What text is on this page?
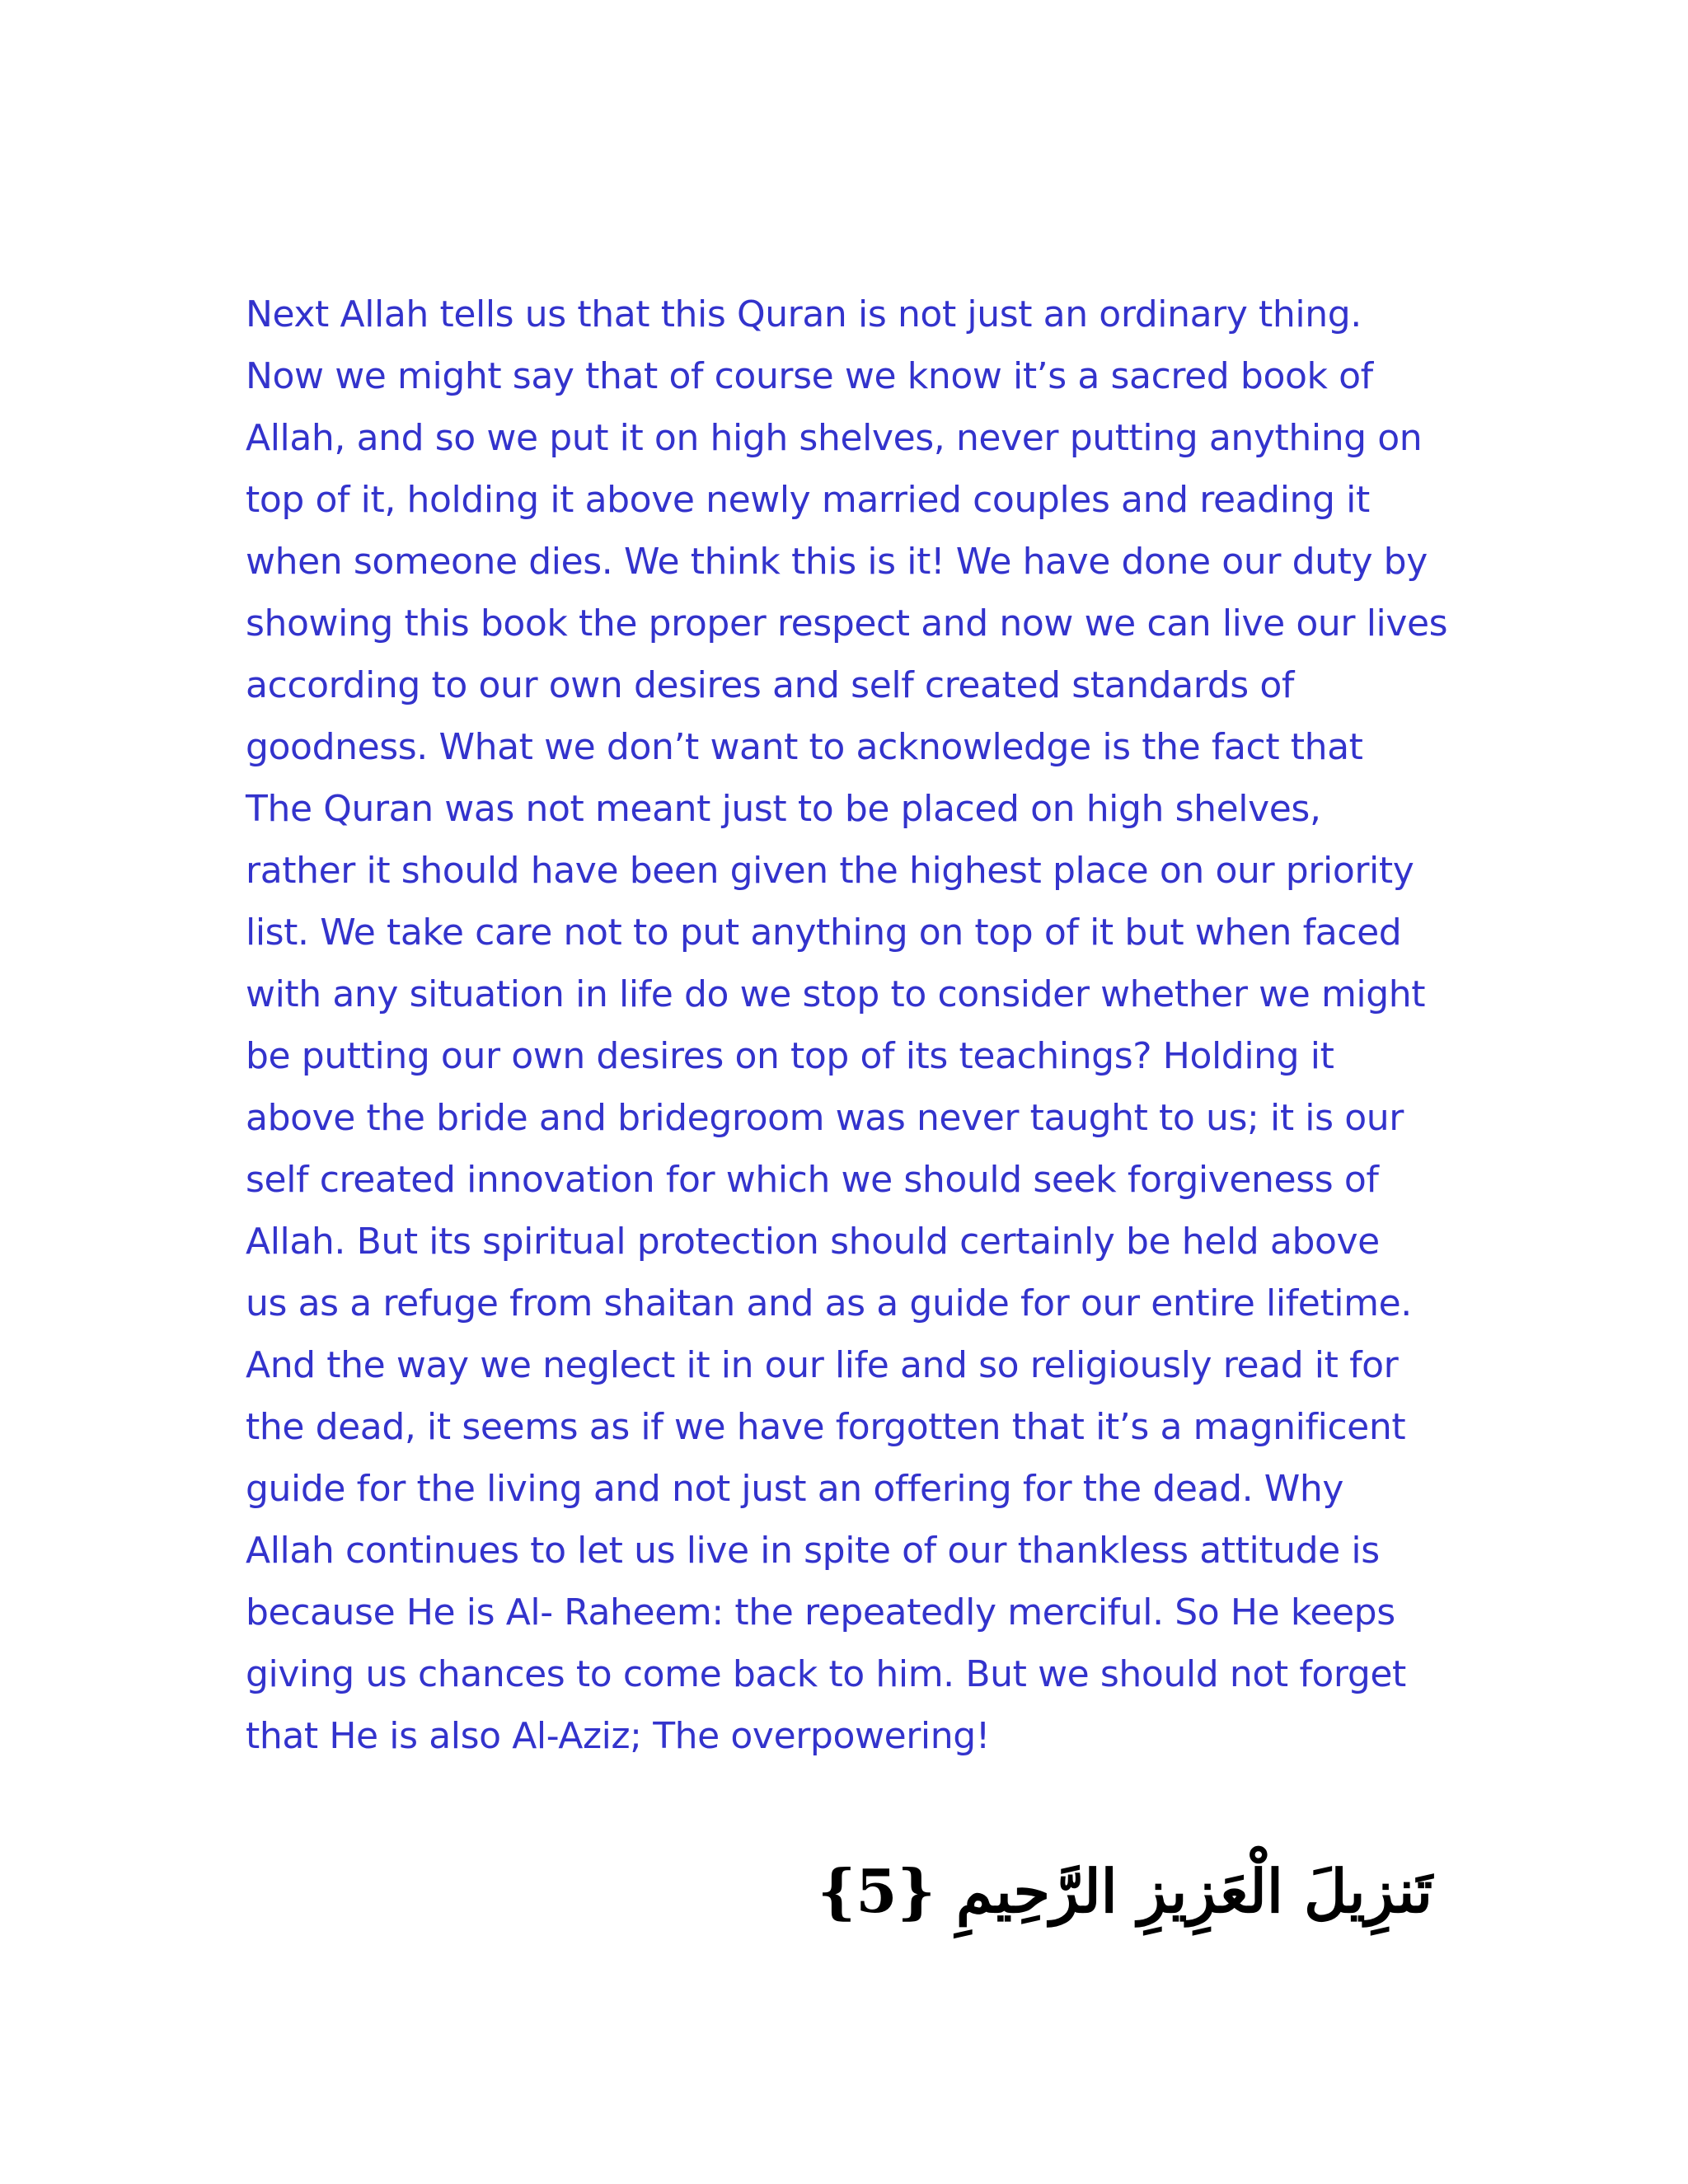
Next Allah tells us that this Quran is not just an ordinary thing.
Now we might say that of course we know it’s a sacred book of
Allah, and so we put it on high shelves, never putting anything on
top of it, holding it above newly married couples and reading it
when someone dies. We think this is it! We have done our duty by
showing this book the proper respect and now we can live our lives
according to our own desires and self created standards of
goodness. What we don’t want to acknowledge is the fact that
The Quran was not meant just to be placed on high shelves,
rather it should have been given the highest place on our priority
list. We take care not to put anything on top of it but when faced
with any situation in life do we stop to consider whether we might
be putting our own desires on top of its teachings? Holding it
above the bride and bridegroom was never taught to us; it is our
self created innovation for which we should seek forgiveness of
Allah. But its spiritual protection should certainly be held above
us as a refuge from shaitan and as a guide for our entire lifetime.
And the way we neglect it in our life and so religiously read it for
the dead, it seems as if we have forgotten that it’s a magnificent
guide for the living and not just an offering for the dead. Why
Allah continues to let us live in spite of our thankless attitude is
because He is Al- Raheem: the repeatedly merciful. So He keeps
giving us chances to come back to him. But we should not forget
that He is also Al-Aziz; The overpowering!
تَنزِيلَ الْعَزِيزِ الرَّحِيمِ {5}
